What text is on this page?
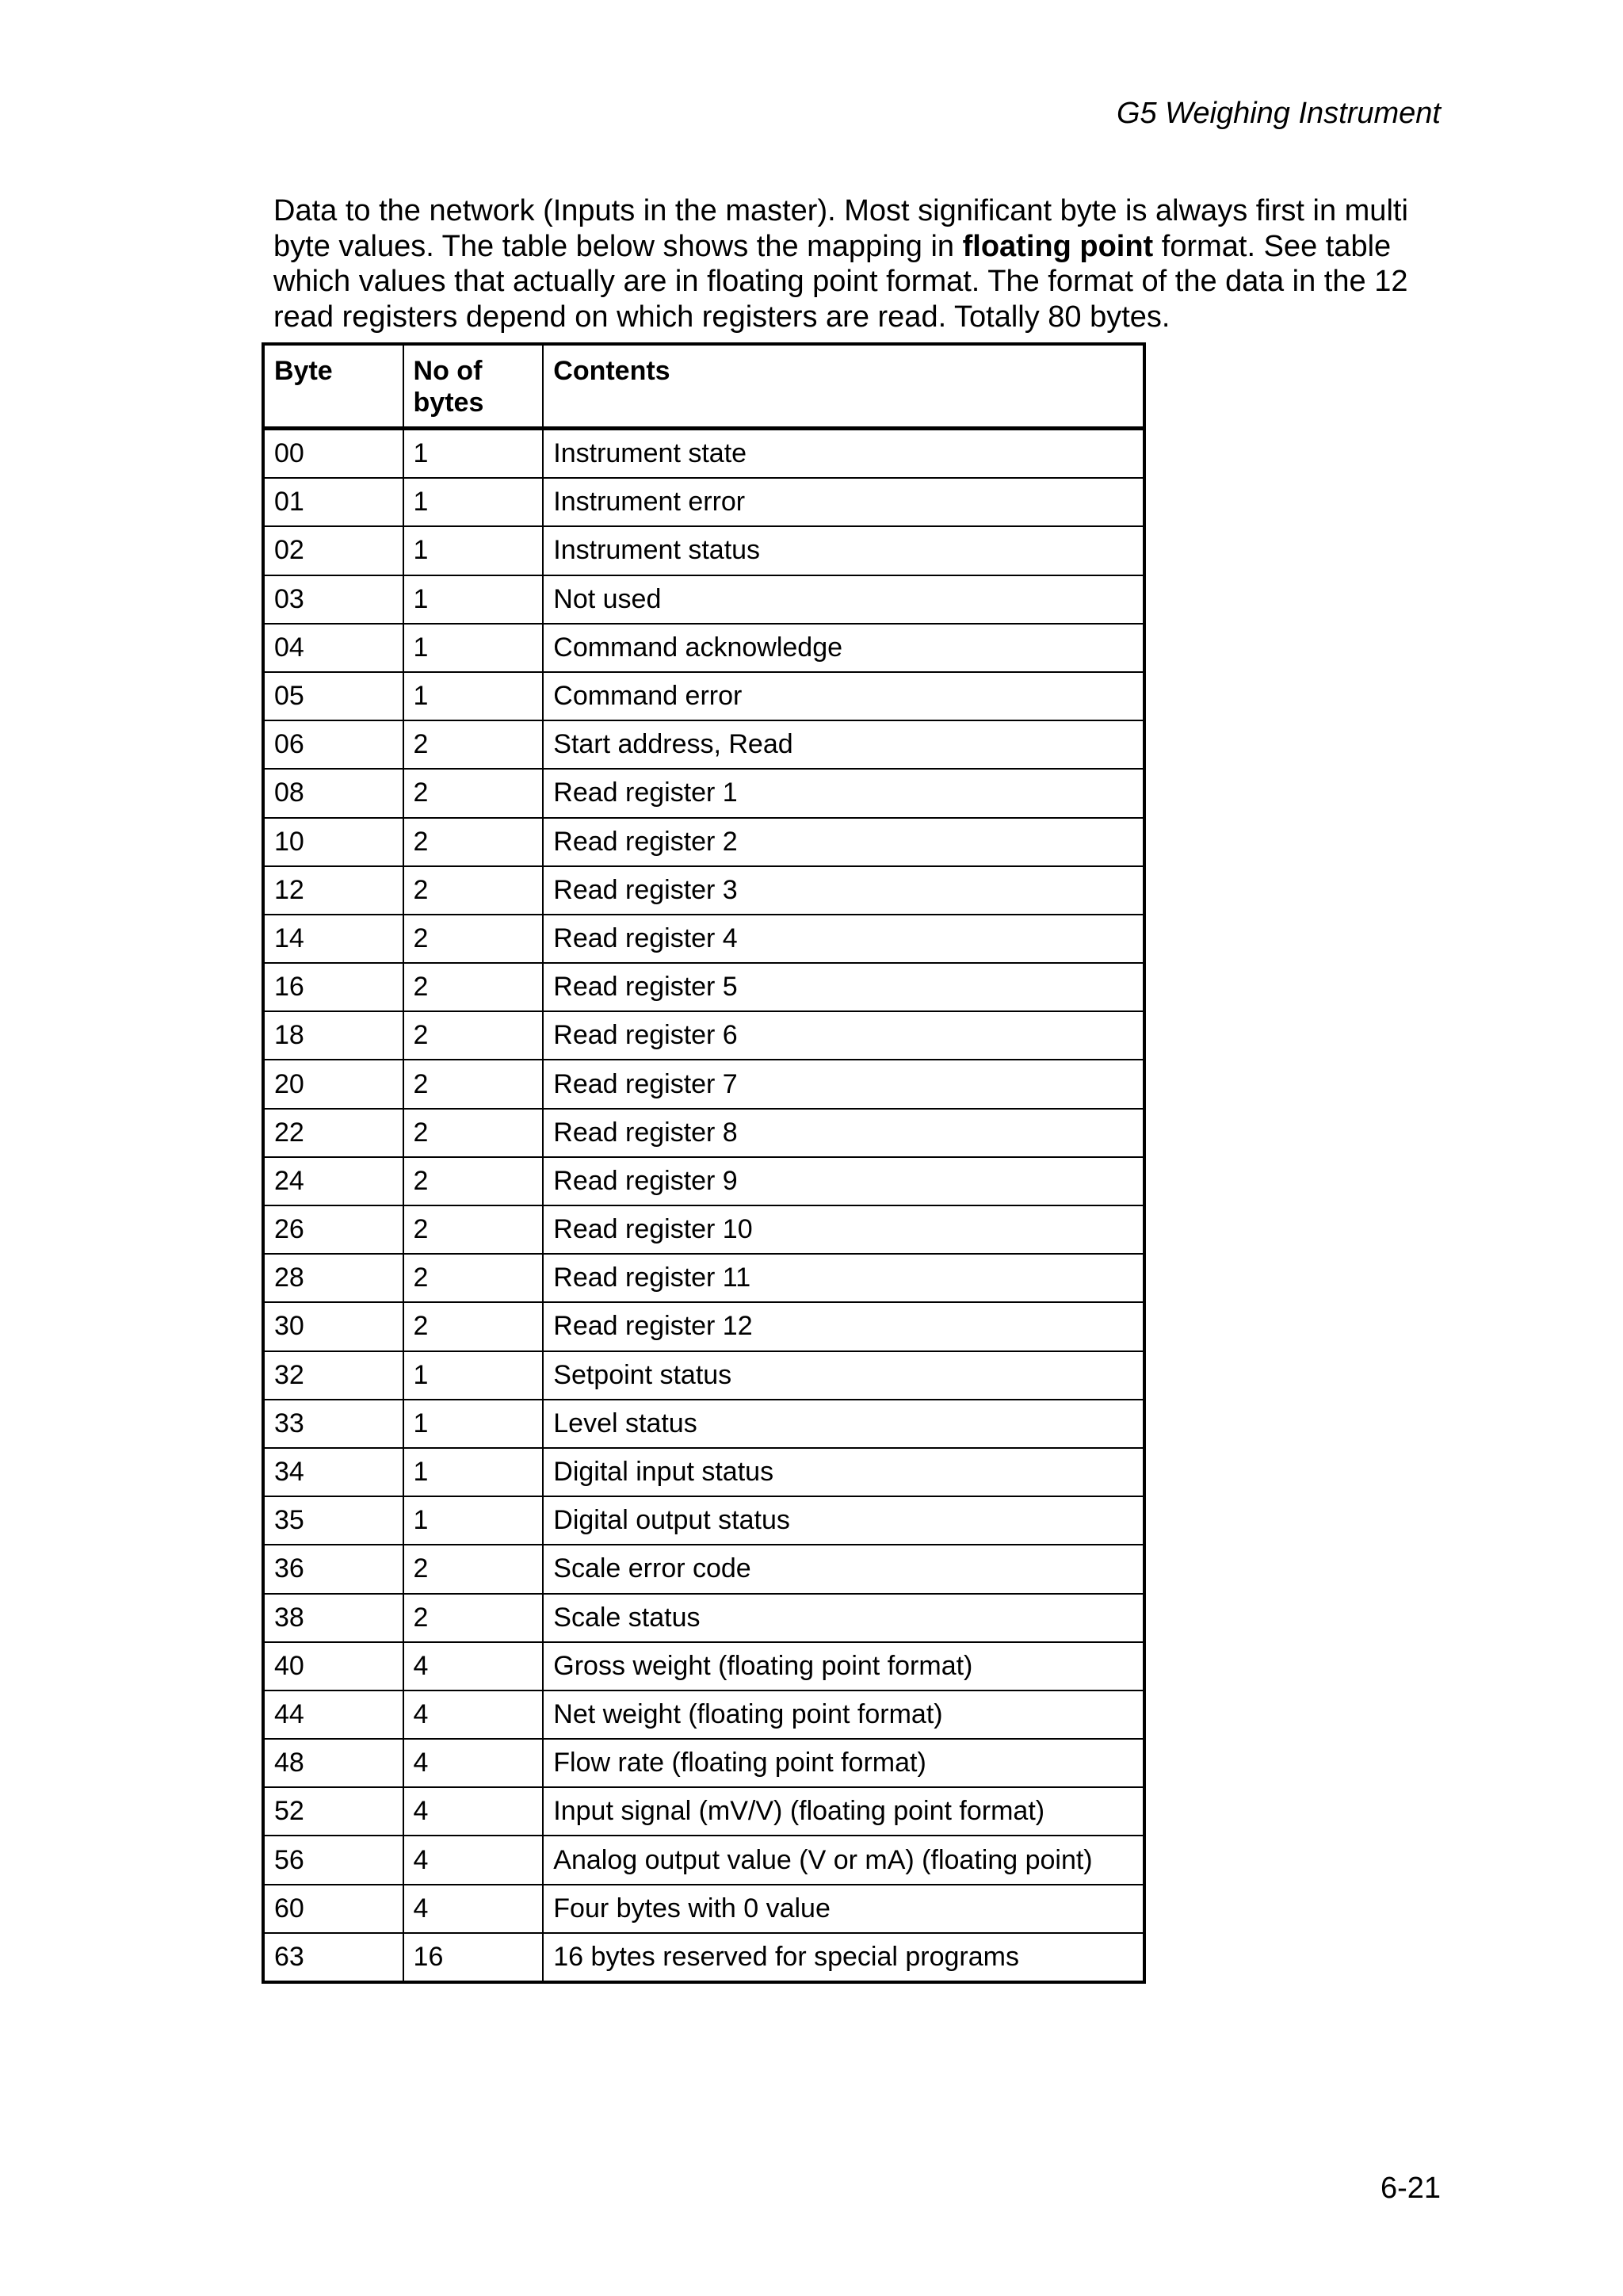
G5 Weighing Instrument

Data to the network (Inputs in the master). Most significant byte is always first in multi byte values. The table below shows the mapping in floating point format. See table which values that actually are in floating point format. The format of the data in the 12 read registers depend on which registers are read. Totally 80 bytes.

Byte	No of bytes	Contents
00	1	Instrument state
01	1	Instrument error
02	1	Instrument status
03	1	Not used
04	1	Command acknowledge
05	1	Command error
06	2	Start address, Read
08	2	Read register 1
10	2	Read register 2
12	2	Read register 3
14	2	Read register 4
16	2	Read register 5
18	2	Read register 6
20	2	Read register 7
22	2	Read register 8
24	2	Read register 9
26	2	Read register 10
28	2	Read register 11
30	2	Read register 12
32	1	Setpoint status
33	1	Level status
34	1	Digital input status
35	1	Digital output status
36	2	Scale error code
38	2	Scale status
40	4	Gross weight (floating point format)
44	4	Net weight (floating point format)
48	4	Flow rate (floating point format)
52	4	Input signal (mV/V) (floating point format)
56	4	Analog output value (V or mA) (floating point)
60	4	Four bytes with 0 value
63	16	16 bytes reserved for special programs
6-21
